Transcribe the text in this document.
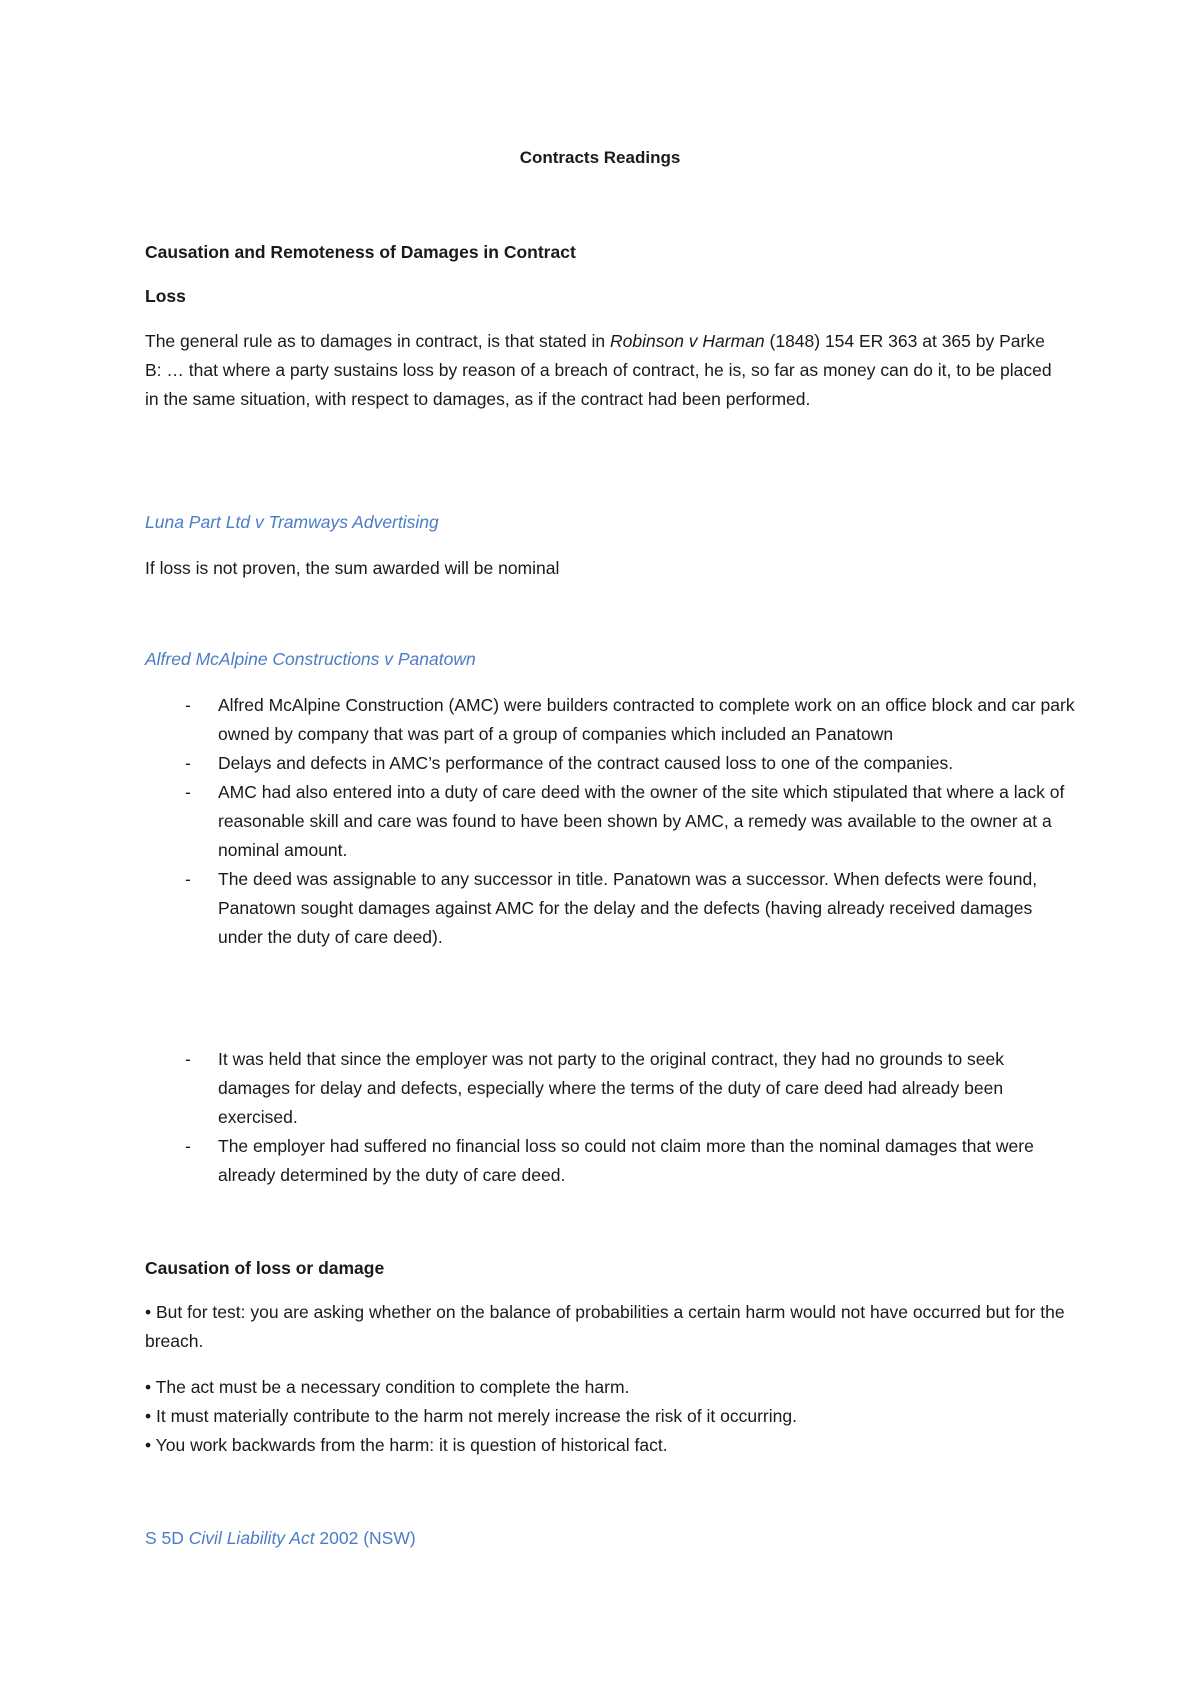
Contracts Readings
Causation and Remoteness of Damages in Contract
Loss
The general rule as to damages in contract, is that stated in Robinson v Harman (1848) 154 ER 363 at 365 by Parke B: … that where a party sustains loss by reason of a breach of contract, he is, so far as money can do it, to be placed in the same situation, with respect to damages, as if the contract had been performed.
Luna Part Ltd v Tramways Advertising
If loss is not proven, the sum awarded will be nominal
Alfred McAlpine Constructions v Panatown
- Alfred McAlpine Construction (AMC) were builders contracted to complete work on an office block and car park owned by company that was part of a group of companies which included an Panatown
- Delays and defects in AMC’s performance of the contract caused loss to one of the companies.
- AMC had also entered into a duty of care deed with the owner of the site which stipulated that where a lack of reasonable skill and care was found to have been shown by AMC, a remedy was available to the owner at a nominal amount.
- The deed was assignable to any successor in title. Panatown was a successor. When defects were found, Panatown sought damages against AMC for the delay and the defects (having already received damages under the duty of care deed).
- It was held that since the employer was not party to the original contract, they had no grounds to seek damages for delay and defects, especially where the terms of the duty of care deed had already been exercised.
- The employer had suffered no financial loss so could not claim more than the nominal damages that were already determined by the duty of care deed.
Causation of loss or damage
• But for test: you are asking whether on the balance of probabilities a certain harm would not have occurred but for the breach.
• The act must be a necessary condition to complete the harm.
• It must materially contribute to the harm not merely increase the risk of it occurring.
• You work backwards from the harm: it is question of historical fact.
S 5D Civil Liability Act 2002 (NSW)
